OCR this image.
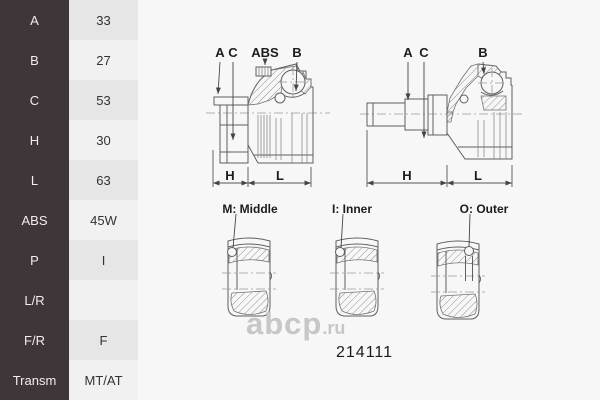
A	33
B	27
C	53
H	30
L	63
ABS	45W
P	I
L/R
F/R	F
Transm	MT/AT
A C ABS B
H	L
A C	B
H	L
M: Middle	I: Inner	O: Outer
abcp .ru
214111
